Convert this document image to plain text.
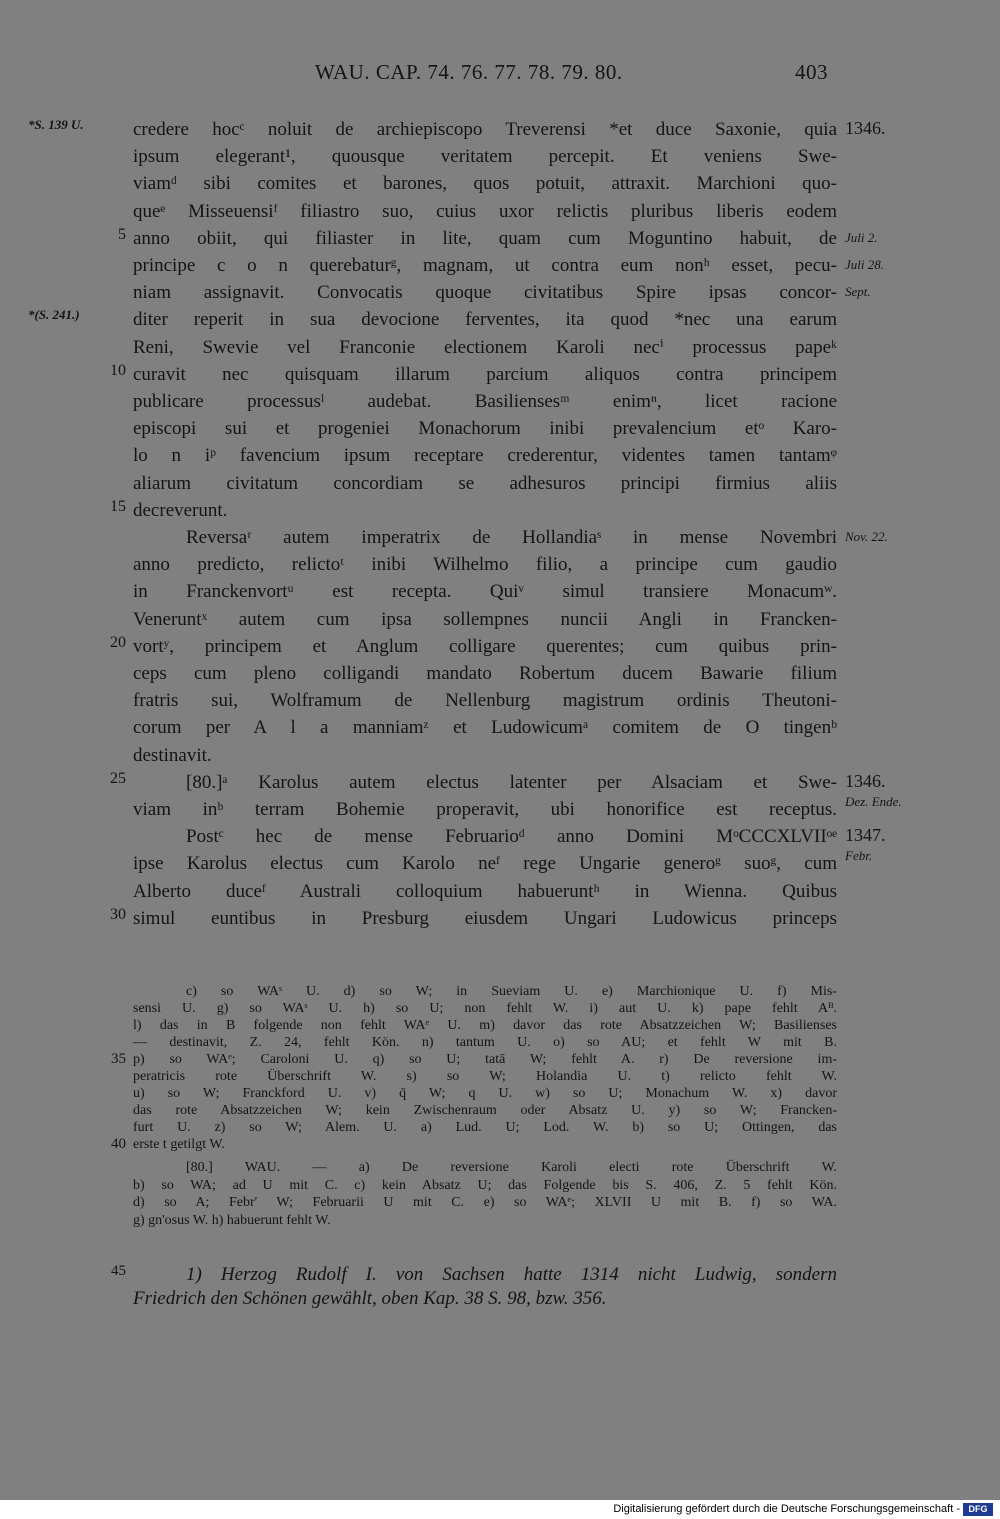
WAU. CAP. 74. 76. 77. 78. 79. 80.	403
*S. 139 U.	credere hocᶜ noluit de archiepiscopo Treverensi *et duce Saxonie, quia 1346.
ipsum elegerant¹, quousque veritatem percepit. Et veniens Swe-
viamᵈ sibi comites et barones, quos potuit, attraxit. Marchioni quo-
queᵉ Misseuensiᶠ filiastro suo, cuius uxor relictis pluribus liberis eodem
5 anno obiit, qui filiaster in lite, quam cum Moguntino habuit, de Juli 2.
principe c o n querebaturᵍ, magnam, ut contra eum nonʰ esset, pecu- Juli 28.
niam assignavit. Convocatis quoque civitatibus Spire ipsas concor- Sept.
*(S. 241.)	diter reperit in sua devocione ferventes, ita quod *nec una earum
Reni, Swevie vel Franconie electionem Karoli necⁱ processus papeᵏ
10 curavit nec quisquam illarum parcium aliquos contra principem
publicare processusˡ audebat. Basiliensesᵐ enimⁿ, licet racione
episcopi sui et progeniei Monachorum inibi prevalencium etᵒ Karo-
lo n iᵖ favencium ipsum receptare crederentur, videntes tamen tantamᵠ
aliarum civitatum concordiam se adhesuros principi firmius aliis
15 decreverunt.
Reversaʳ autem imperatrix de Hollandiaˢ in mense Novembri Nov. 22.
anno predicto, relictoᵗ inibi Wilhelmo filio, a principe cum gaudio
in Franckenvortᵘ est recepta. Quiᵛ simul transiere Monacumʷ.
Veneruntˣ autem cum ipsa sollempnes nuncii Angli in Francken-
20 vortʸ, principem et Anglum colligare querentes; cum quibus prin-
ceps cum pleno colligandi mandato Robertum ducem Bawarie filium
fratris sui, Wolframum de Nellenburg magistrum ordinis Theutoni-
corum per A l a manniamᶻ et Ludowicumᵃ comitem de O tingenᵇ
destinavit.
25	[80.]ᵃ Karolus autem electus latenter per Alsaciam et Swe- 1346.
Dez. Ende.
viam inᵇ terram Bohemie properavit, ubi honorifice est receptus.
Postᶜ hec de mense Februarioᵈ anno Domini MᵒCCCXLVIIᵒᵉ 1347.
Febr.
ipse Karolus electus cum Karolo neᶠ rege Ungarie generoᵍ suoᵍ, cum
Alberto duceᶠ Australi colloquium habueruntʰ in Wienna. Quibus
30 simul euntibus in Presburg eiusdem Ungari Ludowicus princeps
c) so WAˢ U. d) so W; in Sueviam U. e) Marchionique U. f) Mis-
sensi U. g) so WAˢ U. h) so U; non fehlt W. i) aut U. k) pape fehlt Aᴮ.
l) das in B folgende non fehlt WAᵉ U. m) davor das rote Absatzzeichen W; Basilienses
— destinavit, Z. 24, fehlt Kön. n) tantum U. o) so AU; et fehlt W mit B.
35 p) so WAᵉ; Caroloni U. q) so U; tatā W; fehlt A. r) De reversione im-
peratricis rote Überschrift W. s) so W; Holandia U. t) relicto fehlt W.
u) so W; Franckford U. v) q̄ W; q U. w) so U; Monachum W. x) davor
das rote Absatzzeichen W; kein Zwischenraum oder Absatz U. y) so W; Francken-
furt U. z) so W; Alem. U. a) Lud. U; Lod. W. b) so U; Ottingen, das
40 erste t getilgt W.
[80.] WAU. — a) De reversione Karoli electi rote Überschrift W.
b) so WA; ad U mit C. c) kein Absatz U; das Folgende bis S. 406, Z. 5 fehlt Kön.
d) so A; Febr' W; Februarii U mit C. e) so WAᵉ; XLVII U mit B. f) so WA.
g) gn'osus W. h) habuerunt fehlt W.
45	1) Herzog Rudolf I. von Sachsen hatte 1314 nicht Ludwig, sondern
Friedrich den Schönen gewählt, oben Kap. 38 S. 98, bzw. 356.
Digitalisierung gefördert durch die Deutsche Forschungsgemeinschaft - DFG
